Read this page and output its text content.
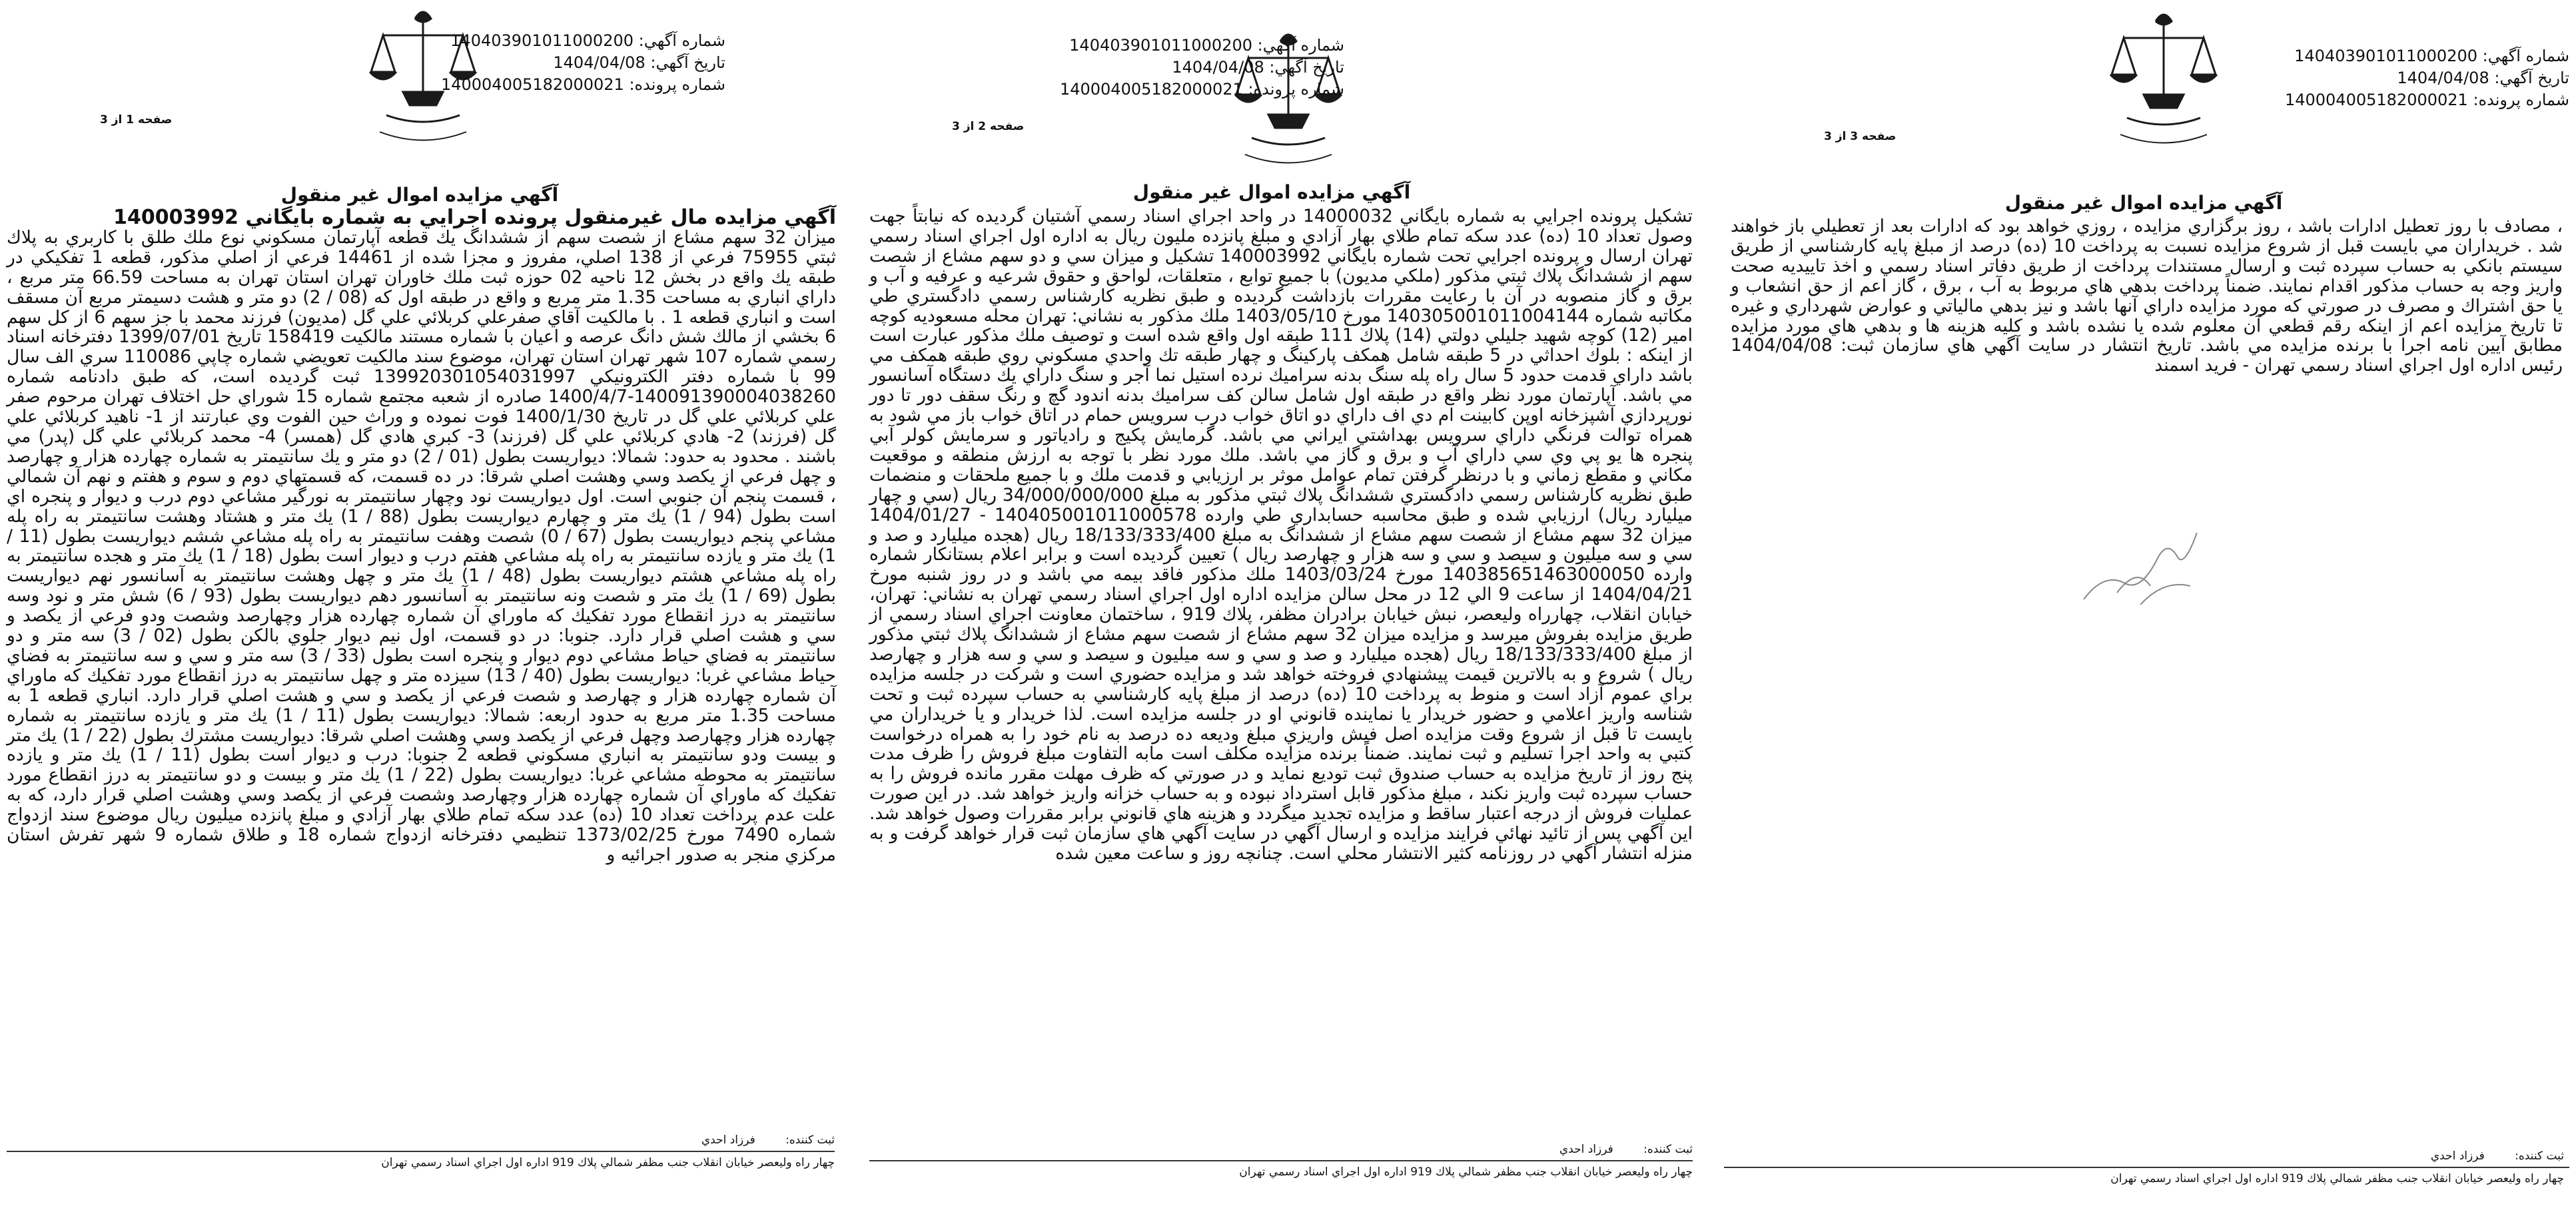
شماره آگهي: 140403901011000200
تاريخ آگهي: 1404/04/08
شماره پرونده: 140004005182000021
صفحه 3 از 3
آگهي مزايده اموال غير منقول
، مصادف با روز تعطيل ادارات باشد ، روز برگزاري مزايده ، روزي خواهد بود كه ادارات بعد از تعطيلي باز خواهند شد . خريداران مي بايست قبل از شروع مزايده نسبت به پرداخت 10 (ده) درصد از مبلغ پايه كارشناسي از طريق سيستم بانكي به حساب سپرده ثبت و ارسال مستندات پرداخت از طريق دفاتر اسناد رسمي و اخذ تاييديه صحت واريز وجه به حساب مذكور اقدام نمايند. ضمناً پرداخت بدهي هاي مربوط به آب ، برق ، گاز اعم از حق انشعاب و يا حق اشتراك و مصرف در صورتي كه مورد مزايده داراي آنها باشد و نيز بدهي مالياتي و عوارض شهرداري و غيره تا تاريخ مزايده اعم از اينكه رقم قطعي آن معلوم شده يا نشده باشد و كليه هزينه ها و بدهي هاي مورد مزايده مطابق آيين نامه اجرا با برنده مزايده مي باشد. تاريخ انتشار در سايت آگهي هاي سازمان ثبت: 1404/04/08 رئيس اداره اول اجراي اسناد رسمي تهران - فريد اسمند
ثبت كننده: فرزاد احدي
چهار راه وليعصر خيابان انقلاب جنب مظفر شمالي پلاك 919 اداره اول اجراي اسناد رسمي تهران
شماره آگهي: 140403901011000200
تاريخ آگهي: 1404/04/08
شماره پرونده: 140004005182000021
صفحه 2 از 3
آگهي مزايده اموال غير منقول
تشكيل پرونده اجرايي به شماره بايگاني 14000032 در واحد اجراي اسناد رسمي آشتيان گرديده كه نيابتاً جهت وصول تعداد 10 (ده) عدد سكه تمام طلاي بهار آزادي و مبلغ پانزده مليون ريال به اداره اول اجراي اسناد رسمي تهران ارسال و پرونده اجرايي تحت شماره بايگاني 140003992 تشكيل و ميزان سي و دو سهم مشاع از شصت سهم از ششدانگ پلاك ثبتي مذكور (ملكي مديون) با جميع توابع ، متعلقات، لواحق و حقوق شرعيه و عرفيه و آب و برق و گاز منصوبه در آن با رعايت مقررات بازداشت گرديده و طبق نظريه كارشناس رسمي دادگستري طي مكاتبه شماره 140305001011004144 مورخ 1403/05/10 ملك مذكور به نشاني: تهران محله مسعوديه كوچه امير (12) كوچه شهيد جليلي دولتي (14) پلاك 111 طبقه اول واقع شده است و توصيف ملك مذكور عبارت است از اينكه : بلوك احداثي در 5 طبقه شامل همكف پاركينگ و چهار طبقه تك واحدي مسكوني روي طبقه همكف مي باشد داراي قدمت حدود 5 سال راه پله سنگ بدنه سراميك نرده استيل نما آجر و سنگ داراي يك دستگاه آسانسور مي باشد. آپارتمان مورد نظر واقع در طبقه اول شامل سالن كف سراميك بدنه اندود گچ و رنگ سقف دور تا دور نورپردازي آشپزخانه اوپن كابينت ام دي اف داراي دو اتاق خواب درب سرويس حمام در اتاق خواب باز مي شود به همراه توالت فرنگي داراي سرويس بهداشتي ايراني مي باشد. گرمايش پكيج و رادياتور و سرمايش كولر آبي پنجره ها يو پي وي سي داراي آب و برق و گاز مي باشد. ملك مورد نظر با توجه به ارزش منطقه و موقعيت مكاني و مقطع زماني و با درنظر گرفتن تمام عوامل موثر بر ارزيابي و قدمت ملك و با جميع ملحقات و منضمات طبق نظريه كارشناس رسمي دادگستري ششدانگ پلاك ثبتي مذكور به مبلغ 34/000/000/000 ريال (سي و چهار ميليارد ريال) ارزيابي شده و طبق محاسبه حسابداري طي وارده 140405001011000578 - 1404/01/27 ميزان 32 سهم مشاع از شصت سهم مشاع از ششدانگ به مبلغ 18/133/333/400 ريال (هجده ميليارد و صد و سي و سه ميليون و سيصد و سي و سه هزار و چهارصد ريال ) تعيين گرديده است و برابر اعلام بستانكار شماره وارده 140385651463000050 مورخ 1403/03/24 ملك مذكور فاقد بيمه مي باشد و در روز شنبه مورخ 1404/04/21 از ساعت 9 الي 12 در محل سالن مزايده اداره اول اجراي اسناد رسمي تهران به نشاني: تهران، خيابان انقلاب، چهارراه وليعصر، نبش خيابان برادران مظفر، پلاك 919 ، ساختمان معاونت اجراي اسناد رسمي از طريق مزايده بفروش ميرسد و مزايده ميزان 32 سهم مشاع از شصت سهم مشاع از ششدانگ پلاك ثبتي مذكور از مبلغ 18/133/333/400 ريال (هجده ميليارد و صد و سي و سه ميليون و سيصد و سي و سه هزار و چهارصد ريال ) شروع و به بالاترين قيمت پيشنهادي فروخته خواهد شد و مزايده حضوري است و شركت در جلسه مزايده براي عموم آزاد است و منوط به پرداخت 10 (ده) درصد از مبلغ پايه كارشناسي به حساب سپرده ثبت و تحت شناسه واريز اعلامي و حضور خريدار يا نماينده قانوني او در جلسه مزايده است. لذا خريدار و يا خريداران مي بايست تا قبل از شروع وقت مزايده اصل فيش واريزي مبلغ وديعه ده درصد به نام خود را به همراه درخواست كتبي به واحد اجرا تسليم و ثبت نمايند. ضمناً برنده مزايده مكلف است مابه التفاوت مبلغ فروش را ظرف مدت پنج روز از تاريخ مزايده به حساب صندوق ثبت توديع نمايد و در صورتي كه ظرف مهلت مقرر مانده فروش را به حساب سپرده ثبت واريز نكند ، مبلغ مذكور قابل استرداد نبوده و به حساب خزانه واريز خواهد شد. در اين صورت عمليات فروش از درجه اعتبار ساقط و مزايده تجديد ميگردد و هزينه هاي قانوني برابر مقررات وصول خواهد شد. اين آگهي پس از تائيد نهائي فرايند مزايده و ارسال آگهي در سايت آگهي هاي سازمان ثبت قرار خواهد گرفت و به منزله انتشار آگهي در روزنامه كثير الانتشار محلي است. چنانچه روز و ساعت معين شده
ثبت كننده: فرزاد احدي
چهار راه وليعصر خيابان انقلاب جنب مظفر شمالي پلاك 919 اداره اول اجراي اسناد رسمي تهران
شماره آگهي: 140403901011000200
تاريخ آگهي: 1404/04/08
شماره پرونده: 140004005182000021
صفحه 1 از 3
آگهي مزايده اموال غير منقول
آگهي مزايده مال غيرمنقول پرونده اجرايي به شماره بايگاني 140003992
ميزان 32 سهم مشاع از شصت سهم از ششدانگ يك قطعه آپارتمان مسكوني نوع ملك طلق با كاربري به پلاك ثبتي 75955 فرعي از 138 اصلي، مفروز و مجزا شده از 14461 فرعي از اصلي مذكور، قطعه 1 تفكيكي در طبقه يك واقع در بخش 12 ناحيه 02 حوزه ثبت ملك خاوران تهران استان تهران به مساحت 66.59 متر مربع ، داراي انباري به مساحت 1.35 متر مربع و واقع در طبقه اول كه (08 / 2) دو متر و هشت دسيمتر مربع آن مسقف است و انباري قطعه 1 . با مالكيت آقاي صفرعلي كربلائي علي گل (مديون) فرزند محمد با جز سهم 6 از كل سهم 6 بخشي از مالك شش دانگ عرصه و اعيان با شماره مستند مالكيت 158419 تاريخ 1399/07/01 دفترخانه اسناد رسمي شماره 107 شهر تهران استان تهران، موضوع سند مالكيت تعويضي شماره چاپي 110086 سري الف سال 99 با شماره دفتر الكترونيكي 139920301054031997 ثبت گرديده است، كه طبق دادنامه شماره 140091390004038260-1400/4/7 صادره از شعبه مجتمع شماره 15 شوراي حل اختلاف تهران مرحوم صفر علي كربلائي علي گل در تاريخ 1400/1/30 فوت نموده و وراث حين الفوت وي عبارتند از 1- ناهيد كربلائي علي گل (فرزند) 2- هادي كربلائي علي گل (فرزند) 3- كبري هادي گل (همسر) 4- محمد كربلائي علي گل (پدر) مي باشند . محدود به حدود: شمالا: ديواريست بطول (01 / 2) دو متر و يك سانتيمتر به شماره چهارده هزار و چهارصد و چهل فرعي از يكصد وسي وهشت اصلي شرقا: در ده قسمت، كه قسمتهاي دوم و سوم و هفتم و نهم آن شمالي ، قسمت پنجم آن جنوبي است. اول ديواريست نود وچهار سانتيمتر به نورگير مشاعي دوم درب و ديوار و پنجره اي است بطول (94 / 1) يك متر و چهارم ديواريست بطول (88 / 1) يك متر و هشتاد وهشت سانتيمتر به راه پله مشاعي پنجم ديواريست بطول (67 / 0) شصت وهفت سانتيمتر به راه پله مشاعي ششم ديواريست بطول (11 / 1) يك متر و يازده سانتيمتر به راه پله مشاعي هفتم درب و ديوار است بطول (18 / 1) يك متر و هجده سانتيمتر به راه پله مشاعي هشتم ديواريست بطول (48 / 1) يك متر و چهل وهشت سانتيمتر به آسانسور نهم ديواريست بطول (69 / 1) يك متر و شصت ونه سانتيمتر به آسانسور دهم ديواريست بطول (93 / 6) شش متر و نود وسه سانتيمتر به درز انقطاع مورد تفكيك كه ماوراي آن شماره چهارده هزار وچهارصد وشصت ودو فرعي از يكصد و سي و هشت اصلي قرار دارد. جنوبا: در دو قسمت، اول نيم ديوار جلوي بالكن بطول (02 / 3) سه متر و دو سانتيمتر به فضاي حياط مشاعي دوم ديوار و پنجره است بطول (33 / 3) سه متر و سي و سه سانتيمتر به فضاي حياط مشاعي غربا: ديواريست بطول (40 / 13) سيزده متر و چهل سانتيمتر به درز انقطاع مورد تفكيك كه ماوراي آن شماره چهارده هزار و چهارصد و شصت فرعي از يكصد و سي و هشت اصلي قرار دارد. انباري قطعه 1 به مساحت 1.35 متر مربع به حدود اربعه: شمالا: ديواريست بطول (11 / 1) يك متر و يازده سانتيمتر به شماره چهارده هزار وچهارصد وچهل فرعي از يكصد وسي وهشت اصلي شرقا: ديواريست مشترك بطول (22 / 1) يك متر و بيست ودو سانتيمتر به انباري مسكوني قطعه 2 جنوبا: درب و ديوار است بطول (11 / 1) يك متر و يازده سانتيمتر به محوطه مشاعي غربا: ديواريست بطول (22 / 1) يك متر و بيست و دو سانتيمتر به درز انقطاع مورد تفكيك كه ماوراي آن شماره چهارده هزار وچهارصد وشصت فرعي از يكصد وسي وهشت اصلي قرار دارد، كه به علت عدم پرداخت تعداد 10 (ده) عدد سكه تمام طلاي بهار آزادي و مبلغ پانزده ميليون ريال موضوع سند ازدواج شماره 7490 مورخ 1373/02/25 تنظيمي دفترخانه ازدواج شماره 18 و طلاق شماره 9 شهر تفرش استان مركزي منجر به صدور اجرائيه و
ثبت كننده: فرزاد احدي
چهار راه وليعصر خيابان انقلاب جنب مظفر شمالي پلاك 919 اداره اول اجراي اسناد رسمي تهران
